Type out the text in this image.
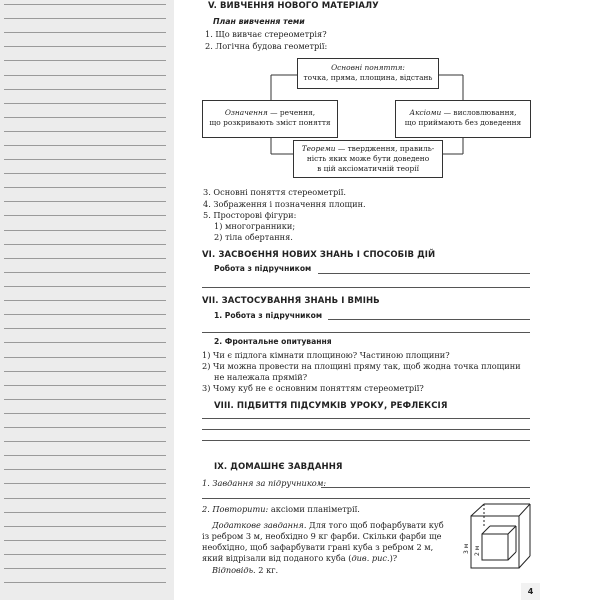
V. ВИВЧЕННЯ НОВОГО МАТЕРІАЛУ
План вивчення теми
1. Що вивчає стереометрія?
2. Логічна будова геометрії:
Основні поняття:
точка, пряма, площина, відстань
Означення — речення,
що розкривають зміст поняття
Аксіоми — висловлювання,
що приймають без доведення
Теореми — твердження, правиль-
ність яких може бути доведено
в цій аксіоматичній теорії
3. Основні поняття стереометрії.
4. Зображення і позначення площин.
5. Просторові фігури:
1) многогранники;
2) тіла обертання.
VI. ЗАСВОЄННЯ НОВИХ ЗНАНЬ І СПОСОБІВ ДІЙ
Робота з підручником
VII. ЗАСТОСУВАННЯ ЗНАНЬ І ВМІНЬ
1. Робота з підручником
2. Фронтальне опитування
1) Чи є підлога кімнати площиною? Частиною площини?
2) Чи можна провести на площині пряму так, щоб жодна точка площини
не належала прямій?
3) Чому куб не є основним поняттям стереометрії?
VIII. ПІДБИТТЯ ПІДСУМКІВ УРОКУ, РЕФЛЕКСІЯ
IX. ДОМАШНЄ ЗАВДАННЯ
1. Завдання за підручником:
2. Повторити: аксіоми планіметрії.
Додаткове завдання. Для того щоб пофарбувати куб
із ребром 3 м, необхідно 9 кг фарби. Скільки фарби ще
необхідно, щоб зафарбувати грані куба з ребром 2 м,
який відрізали від поданого куба (див. рис.)?
Відповідь. 2 кг.
3 м 2 м
4
